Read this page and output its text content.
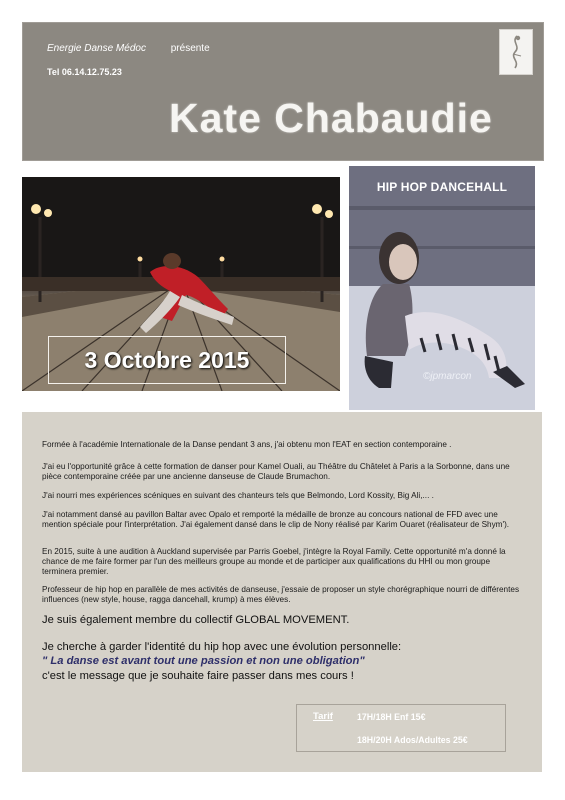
Energie Danse Médoc présente
Tel 06.14.12.75.23
Kate Chabaudie
3 Octobre 2015
HIP HOP DANCEHALL
©jpmarcon

Formée à l'académie Internationale de la Danse pendant 3 ans, j'ai obtenu mon l'EAT en section contemporaine .

J'ai eu l'opportunité grâce à cette formation de danser pour Kamel Ouali, au Théâtre du Châtelet à Paris a la Sorbonne, dans une pièce contemporaine créée par une ancienne danseuse de Claude Brumachon.

J'ai nourri mes expériences scéniques en suivant des chanteurs tels que Belmondo, Lord Kossity, Big Ali,... .

J'ai notamment dansé au pavillon Baltar avec Opalo et remporté la médaille de bronze au concours national de FFD avec une mention spéciale pour l'interprétation. J'ai également dansé dans le clip de Nony réalisé par Karim Ouaret (réalisateur de Shym').

En 2015, suite à une audition à Auckland supervisée par Parris Goebel, j'intègre la Royal Family. Cette opportunité m'a donné la chance de me faire former par l'un des meilleurs groupe au monde et de participer aux qualifications du HHI ou mon groupe terminera premier.

Professeur de hip hop en parallèle de mes activités de danseuse, j'essaie de proposer un style chorégraphique nourri de différentes influences (new style, house, ragga dancehall, krump) à mes élèves.

Je suis également membre du collectif GLOBAL MOVEMENT.

Je cherche à garder l'identité du hip hop avec une évolution personnelle:

" La danse est avant tout une passion et non une obligation"

c'est le message que je souhaite faire passer dans mes cours !

Tarif	17H/18H Enf 15€
18H/20H Ados/Adultes 25€
